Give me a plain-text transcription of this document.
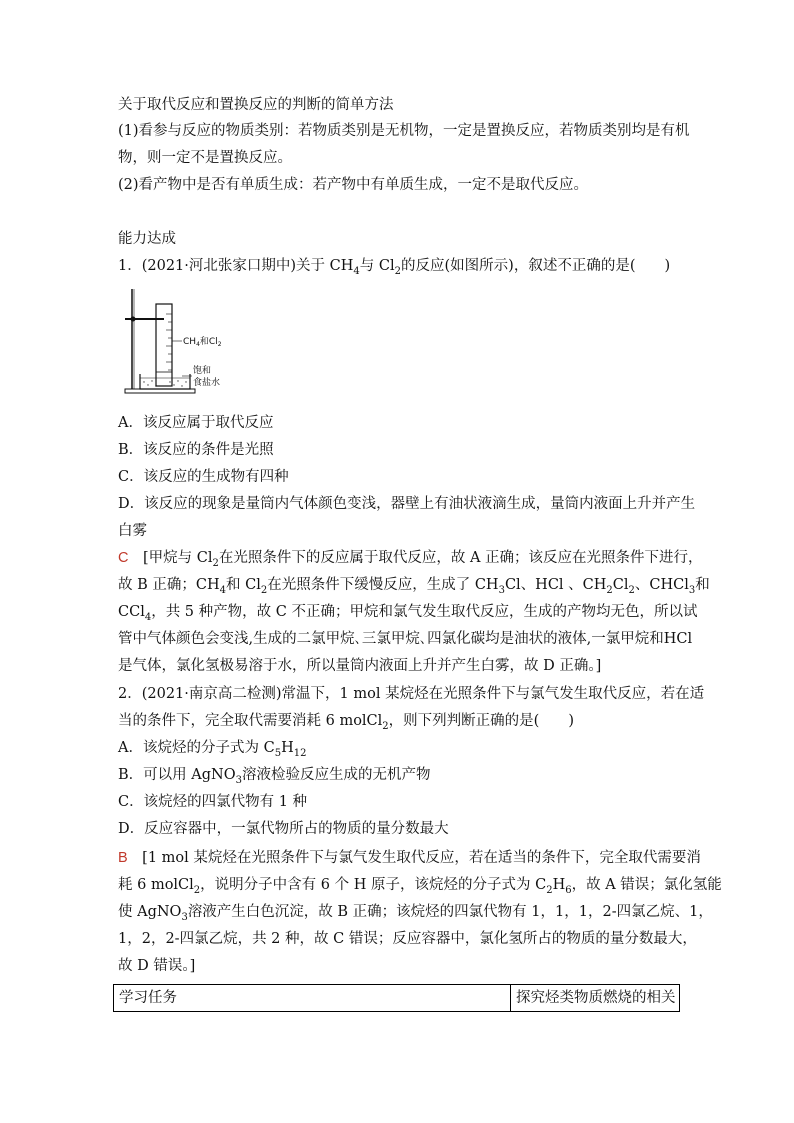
关于取代反应和置换反应的判断的简单方法
(1)看参与反应的物质类别：若物质类别是无机物，一定是置换反应，若物质类别均是有机
物，则一定不是置换反应。
(2)看产物中是否有单质生成：若产物中有单质生成，一定不是取代反应。
能力达成
1．(2021·河北张家口期中)关于 $CH_4$与 $Cl_2$的反应(如图所示)，叙述不正确的是(　　)
$CH_4$和$Cl_2$
饱和
食盐水
A．该反应属于取代反应
B．该反应的条件是光照
C．该反应的生成物有四种
D．该反应的现象是量筒内气体颜色变浅，器壁上有油状液滴生成，量筒内液面上升并产生
白雾
C　 [甲烷与 $Cl_2$在光照条件下的反应属于取代反应，故 A 正确；该反应在光照条件下进行，
故 B 正确；$CH_4$和 $Cl_2$在光照条件下缓慢反应，生成了 $CH_3Cl$、HCl 、$CH_2Cl_2$、CHCl$_3$和
CCl$_4$，共 5 种产物，故 C 不正确；甲烷和氯气发生取代反应，生成的产物均无色，所以试
管中气体颜色会变浅,生成的二氯甲烷､三氯甲烷､四氯化碳均是油状的液体,一氯甲烷和HCl
是气体，氯化氢极易溶于水，所以量筒内液面上升并产生白雾，故 D 正确。]
2．(2021·南京高二检测)常温下，1 mol 某烷烃在光照条件下与氯气发生取代反应，若在适
当的条件下，完全取代需要消耗 6 molCl$_2$，则下列判断正确的是(　　)
A．该烷烃的分子式为 $C_5H_{12}$
B．可以用 AgNO$_3$溶液检验反应生成的无机产物
C．该烷烃的四氯代物有 1 种
D．反应容器中，一氯代物所占的物质的量分数最大
B　 [1 mol 某烷烃在光照条件下与氯气发生取代反应，若在适当的条件下，完全取代需要消
耗 6 molCl$_2$，说明分子中含有 6 个 H 原子，该烷烃的分子式为 $C_2H_6$，故 A 错误；氯化氢能
使 AgNO$_3$溶液产生白色沉淀，故 B 正确；该烷烃的四氯代物有 1，1，1，2-四氯乙烷、1，
1，2，2-四氯乙烷，共 2 种，故 C 错误；反应容器中，氯化氢所占的物质的量分数最大，
故 D 错误。]
学习任务	探究烃类物质燃烧的相关
